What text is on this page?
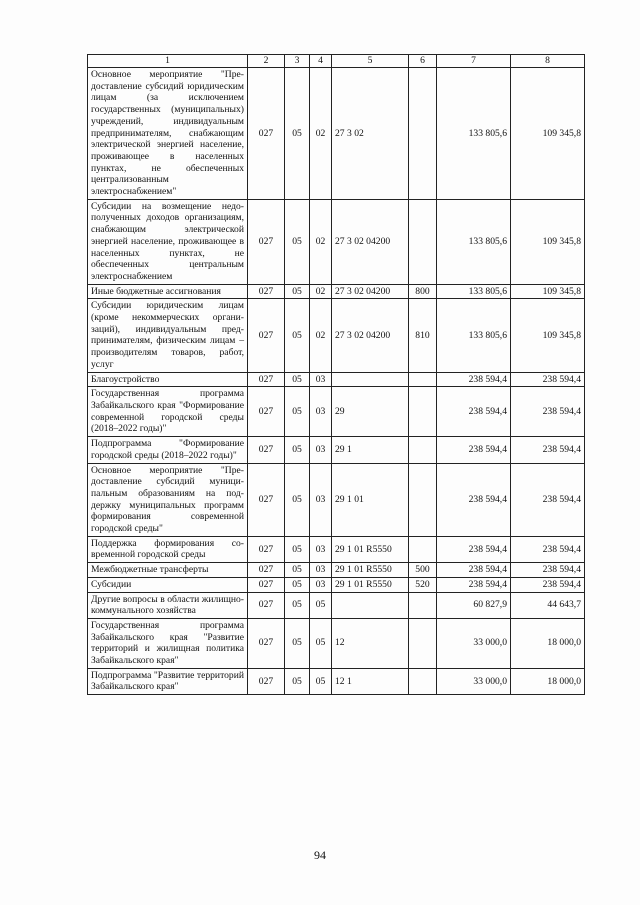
1	2	3	4	5	6	7	8
Основное мероприятие "Предоставление субсидий юридическим лицам (за исключением государственных (муниципальных) учреждений, индивидуальным предпринимателям, снабжающим электрической энергией население, проживающее в населенных пунктах, не обеспеченных централизованным электроснабжением"	027	05	02	27 3 02		133 805,6	109 345,8
Субсидии на возмещение недополученных доходов организациям, снабжающим электрической энергией население, проживающее в населенных пунктах, не обеспеченных центральным электроснабжением	027	05	02	27 3 02 04200		133 805,6	109 345,8
Иные бюджетные ассигнования	027	05	02	27 3 02 04200	800	133 805,6	109 345,8
Субсидии юридическим лицам (кроме некоммерческих организаций), индивидуальным предпринимателям, физическим лицам – производителям товаров, работ, услуг	027	05	02	27 3 02 04200	810	133 805,6	109 345,8
Благоустройство	027	05	03			238 594,4	238 594,4
Государственная программа Забайкальского края "Формирование современной городской среды (2018–2022 годы)"	027	05	03	29		238 594,4	238 594,4
Подпрограмма "Формирование городской среды (2018–2022 годы)"	027	05	03	29 1		238 594,4	238 594,4
Основное мероприятие "Предоставление субсидий муниципальным образованиям на поддержку муниципальных программ формирования современной городской среды"	027	05	03	29 1 01		238 594,4	238 594,4
Поддержка формирования современной городской среды	027	05	03	29 1 01 R5550		238 594,4	238 594,4
Межбюджетные трансферты	027	05	03	29 1 01 R5550	500	238 594,4	238 594,4
Субсидии	027	05	03	29 1 01 R5550	520	238 594,4	238 594,4
Другие вопросы в области жилищно-коммунального хозяйства	027	05	05			60 827,9	44 643,7
Государственная программа Забайкальского края "Развитие территорий и жилищная политика Забайкальского края"	027	05	05	12		33 000,0	18 000,0
Подпрограмма "Развитие территорий Забайкальского края"	027	05	05	12 1		33 000,0	18 000,0
94
